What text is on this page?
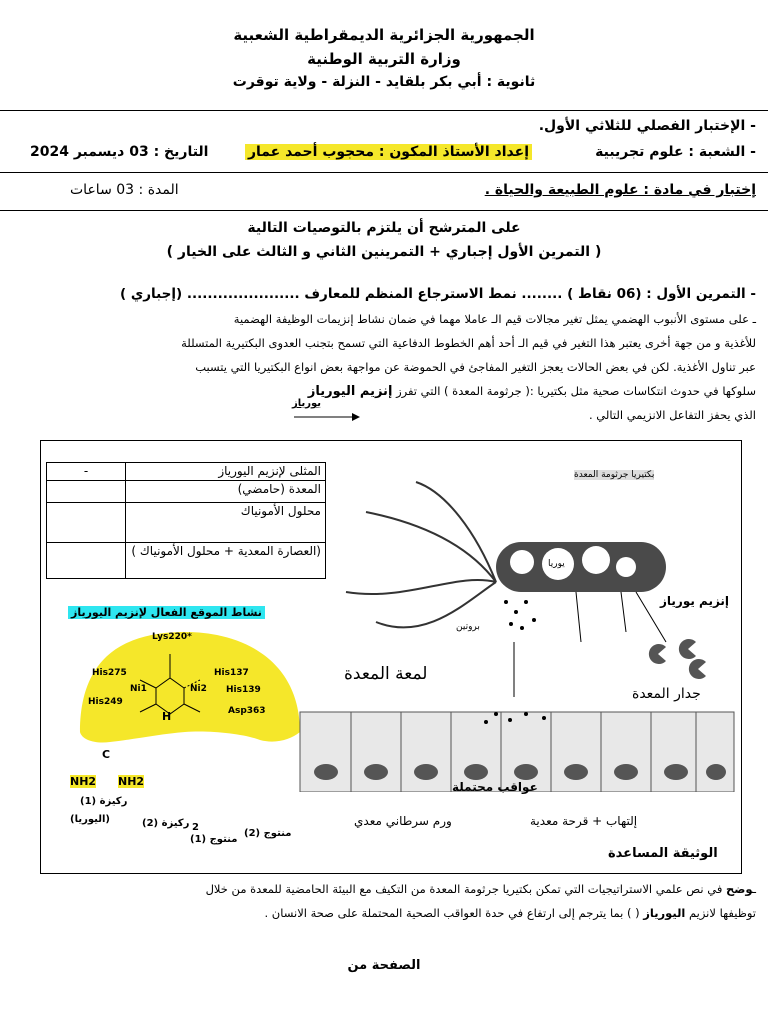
الجمهورية الجزائرية الديمقراطية الشعبية
وزارة التربية الوطنية
ثانوية : أبي بكر بلقايد - النزلة - ولاية توقرت
- الإختبار الفصلي للثلاثي الأول.
- الشعبة : علوم تجريبية
إعداد الأستاذ المكون : محجوب أحمد عمار
التاريخ : 03 ديسمبر 2024
إختبار في مادة : علوم الطبيعة والحياة .
المدة : 03 ساعات
على المترشح أن يلتزم بالتوصيات التالية
( التمرين الأول إجباري + التمرينين الثاني و الثالث على الخيار )
- التمرين الأول : (06 نقاط ) ........ نمط الاسترجاع المنظم للمعارف ...................... (إجباري )
ـ على مستوى الأنبوب الهضمي يمثل تغير مجالات قيم الـ عاملا مهما في ضمان نشاط إنزيمات الوظيفة الهضمية
للأغذية و من جهة أخرى يعتبر هذا التغير في قيم الـ أحد أهم الخطوط الدفاعية التي تسمح بتجنب العدوى البكتيرية المتسللة
عبر تناول الأغذية. لكن في بعض الحالات يعجز التغير المفاجئ في الحموضة عن مواجهة بعض انواع البكتيريا التي يتسبب
سلوكها في حدوث انتكاسات صحية مثل بكتيريا :( جرثومة المعدة ) التي تفرز إنزيم اليورياز
الذي يحفز التفاعل الانزيمي التالي .
يورياز
المثلى لإنزيم اليورياز	-
المعدة (حامضي)	
محلول الأمونياك	
(العصارة المعدية + محلول الأمونياك )	
نشاط الموقع الفعال لإنزيم اليورياز
Lys220*
His275	His137
His249
His139
Asp363
Ni1	Ni2
H
C
NH2 NH2
ركيزة (1)
(اليوريا)	ركيزة (2) 2
منتوج (1)
منتوج (2)
بكتيريا جرثومة المعدة
يوريا
إنزيم يورياز
بروتين
لمعة المعدة
جدار المعدة
عواقب محتملة
إلتهاب + قرحة معدية
ورم سرطاني معدي
الوثيقة المساعدة
ـوضح في نص علمي الاستراتيجيات التي تمكن بكتيريا جرثومة المعدة من التكيف مع البيئة الحامضية للمعدة من خلال
توظيفها لانزيم اليورياز ( ) بما يترجم إلى ارتفاع في حدة العواقب الصحية المحتملة على صحة الانسان .
الصفحة من
